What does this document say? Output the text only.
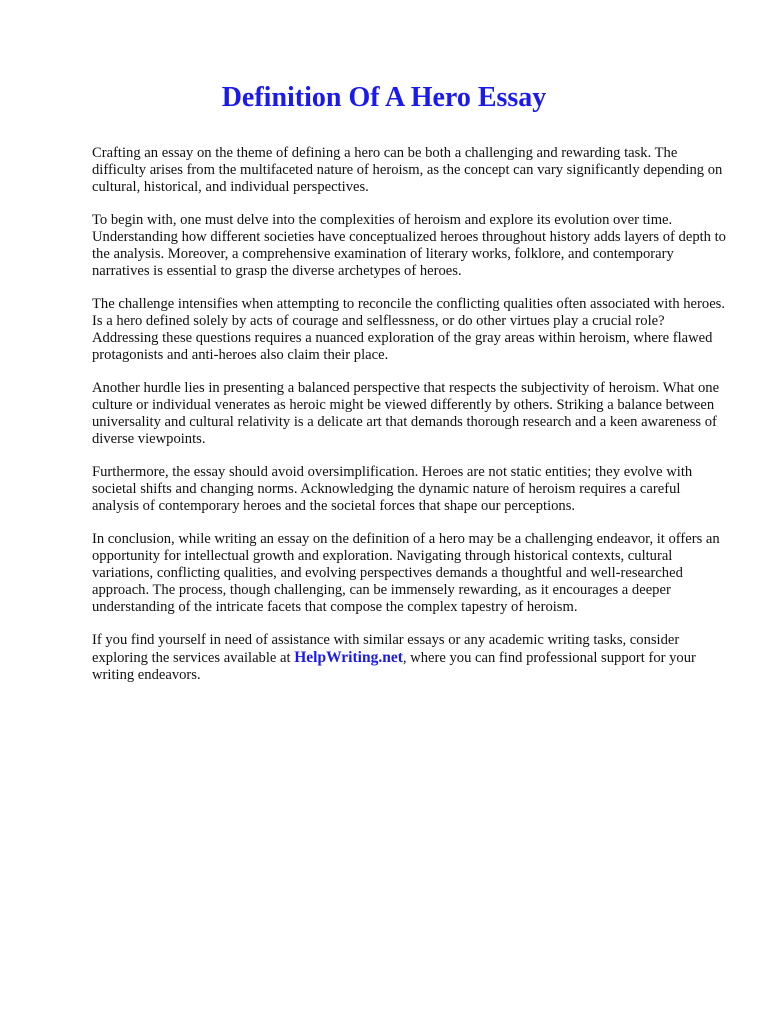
Definition Of A Hero Essay

Crafting an essay on the theme of defining a hero can be both a challenging and rewarding task. The difficulty arises from the multifaceted nature of heroism, as the concept can vary significantly depending on cultural, historical, and individual perspectives.

To begin with, one must delve into the complexities of heroism and explore its evolution over time. Understanding how different societies have conceptualized heroes throughout history adds layers of depth to the analysis. Moreover, a comprehensive examination of literary works, folklore, and contemporary narratives is essential to grasp the diverse archetypes of heroes.

The challenge intensifies when attempting to reconcile the conflicting qualities often associated with heroes. Is a hero defined solely by acts of courage and selflessness, or do other virtues play a crucial role? Addressing these questions requires a nuanced exploration of the gray areas within heroism, where flawed protagonists and anti-heroes also claim their place.

Another hurdle lies in presenting a balanced perspective that respects the subjectivity of heroism. What one culture or individual venerates as heroic might be viewed differently by others. Striking a balance between universality and cultural relativity is a delicate art that demands thorough research and a keen awareness of diverse viewpoints.

Furthermore, the essay should avoid oversimplification. Heroes are not static entities; they evolve with societal shifts and changing norms. Acknowledging the dynamic nature of heroism requires a careful analysis of contemporary heroes and the societal forces that shape our perceptions.

In conclusion, while writing an essay on the definition of a hero may be a challenging endeavor, it offers an opportunity for intellectual growth and exploration. Navigating through historical contexts, cultural variations, conflicting qualities, and evolving perspectives demands a thoughtful and well-researched approach. The process, though challenging, can be immensely rewarding, as it encourages a deeper understanding of the intricate facets that compose the complex tapestry of heroism.

If you find yourself in need of assistance with similar essays or any academic writing tasks, consider exploring the services available at HelpWriting.net, where you can find professional support for your writing endeavors.
